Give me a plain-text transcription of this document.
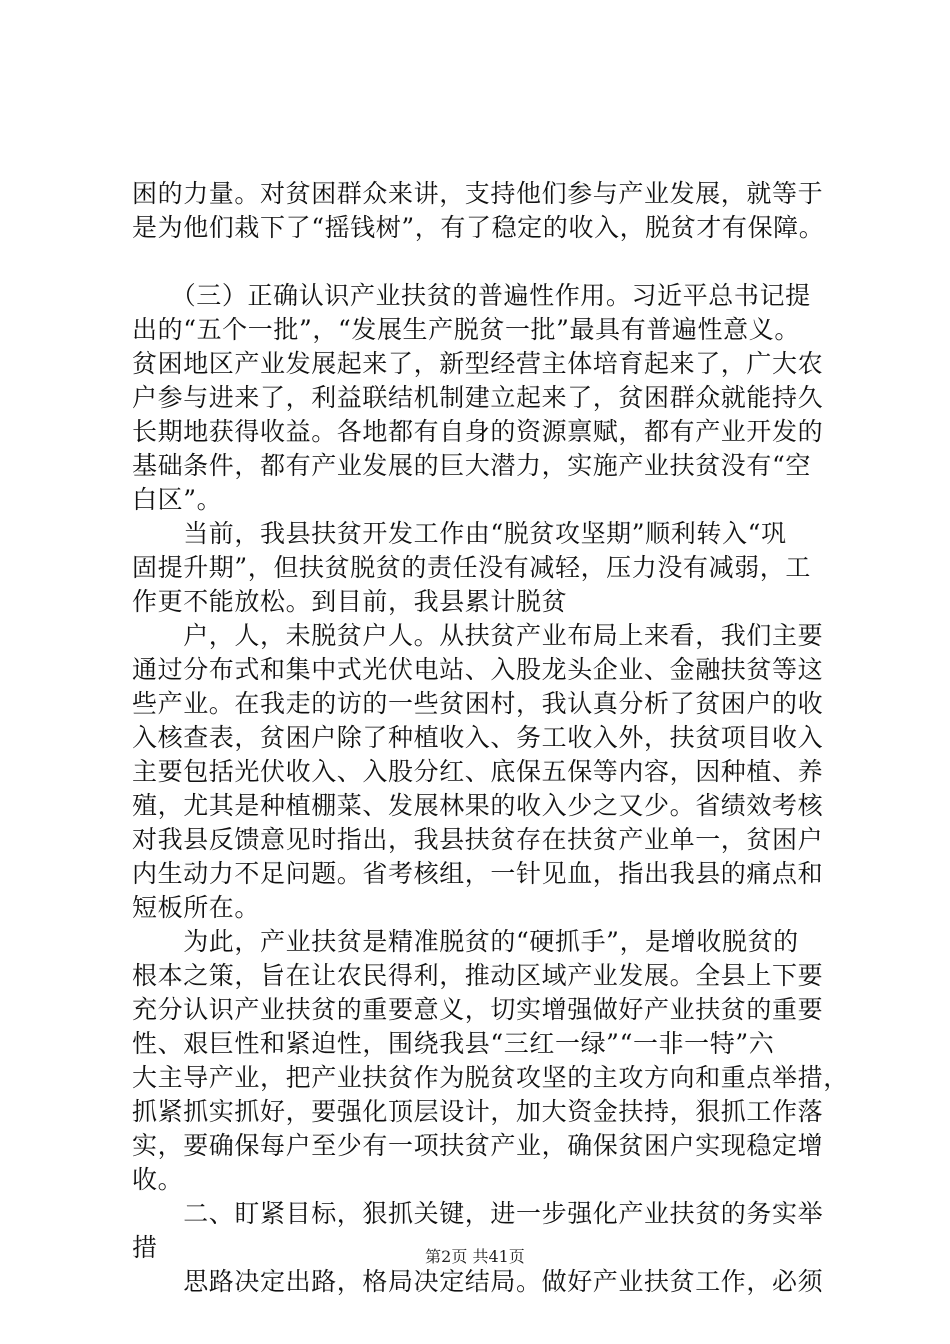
困的力量。对贫困群众来讲，支持他们参与产业发展，就等于
是为他们栽下了“摇钱树”，有了稳定的收入，脱贫才有保障。
　　（三）正确认识产业扶贫的普遍性作用。习近平总书记提
出的“五个一批”，“发展生产脱贫一批”最具有普遍性意义。
贫困地区产业发展起来了，新型经营主体培育起来了，广大农
户参与进来了，利益联结机制建立起来了，贫困群众就能持久
长期地获得收益。各地都有自身的资源禀赋，都有产业开发的
基础条件，都有产业发展的巨大潜力，实施产业扶贫没有“空
白区”。
　　当前，我县扶贫开发工作由“脱贫攻坚期”顺利转入“巩
固提升期”，但扶贫脱贫的责任没有减轻，压力没有减弱，工
作更不能放松。到目前，我县累计脱贫
　　户，人，未脱贫户人。从扶贫产业布局上来看，我们主要
通过分布式和集中式光伏电站、入股龙头企业、金融扶贫等这
些产业。在我走的访的一些贫困村，我认真分析了贫困户的收
入核查表，贫困户除了种植收入、务工收入外，扶贫项目收入
主要包括光伏收入、入股分红、底保五保等内容，因种植、养
殖，尤其是种植棚菜、发展林果的收入少之又少。省绩效考核
对我县反馈意见时指出，我县扶贫存在扶贫产业单一，贫困户
内生动力不足问题。省考核组，一针见血，指出我县的痛点和
短板所在。
　　为此，产业扶贫是精准脱贫的“硬抓手”，是增收脱贫的
根本之策，旨在让农民得利，推动区域产业发展。全县上下要
充分认识产业扶贫的重要意义，切实增强做好产业扶贫的重要
性、艰巨性和紧迫性，围绕我县“三红一绿”“一非一特”六
大主导产业，把产业扶贫作为脱贫攻坚的主攻方向和重点举措，
抓紧抓实抓好，要强化顶层设计，加大资金扶持，狠抓工作落
实，要确保每户至少有一项扶贫产业，确保贫困户实现稳定增
收。
　　二、盯紧目标，狠抓关键，进一步强化产业扶贫的务实举
措
　　思路决定出路，格局决定结局。做好产业扶贫工作，必须
第2页 共41页
